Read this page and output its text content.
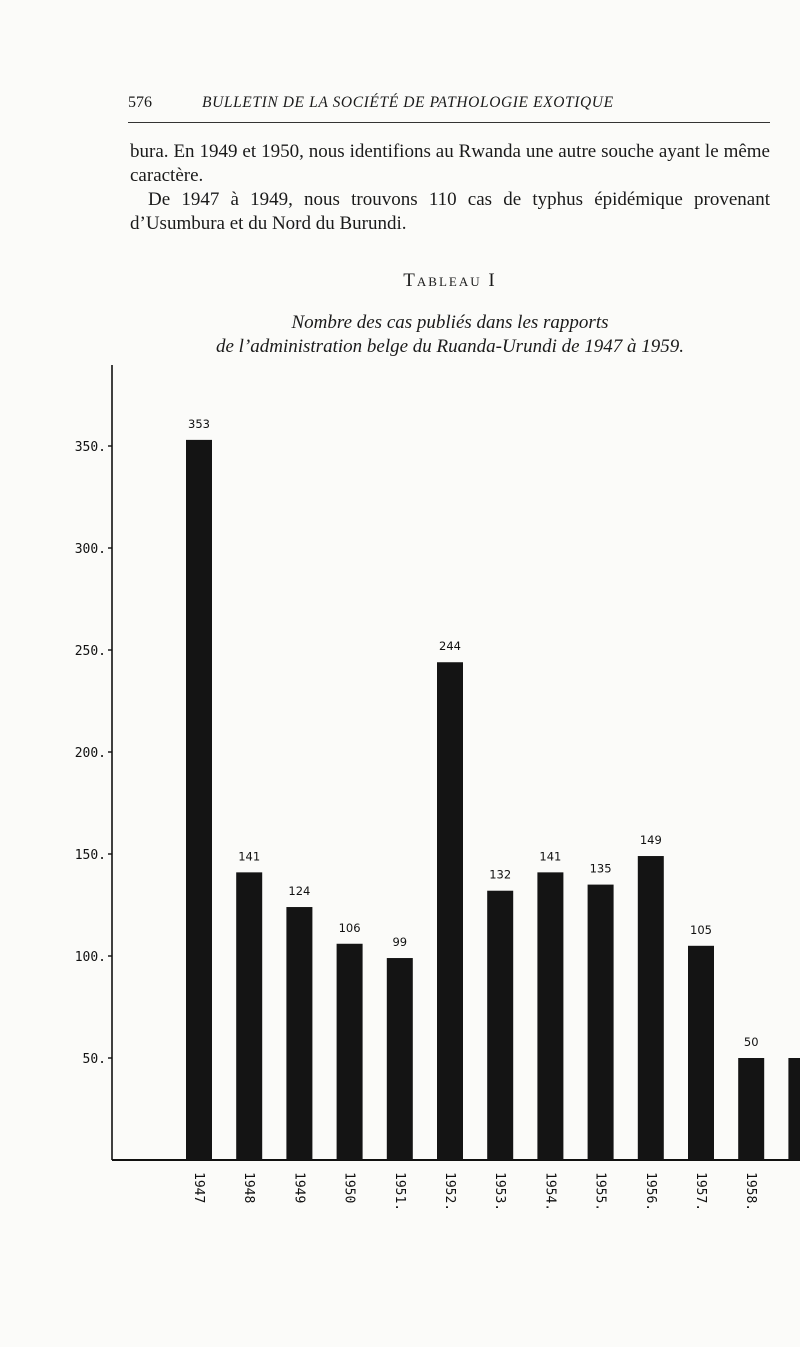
576	BULLETIN DE LA SOCIÉTÉ DE PATHOLOGIE EXOTIQUE

bura. En 1949 et 1950, nous identifions au Rwanda une autre souche ayant le même caractère.

De 1947 à 1949, nous trouvons 110 cas de typhus épidémique provenant d’Usumbura et du Nord du Burundi.

Tableau I
Nombre des cas publiés dans les rapports
de l’administration belge du Ruanda-Urundi de 1947 à 1959.
50.
100.
150.
200.
250.
300.
350.
353
141
124
106
99
244
132
141
135
149
105
50
1947	1948	1949	1950	1951.	1952.	1953.	1954.	1955.	1956.	1957.	1958.
